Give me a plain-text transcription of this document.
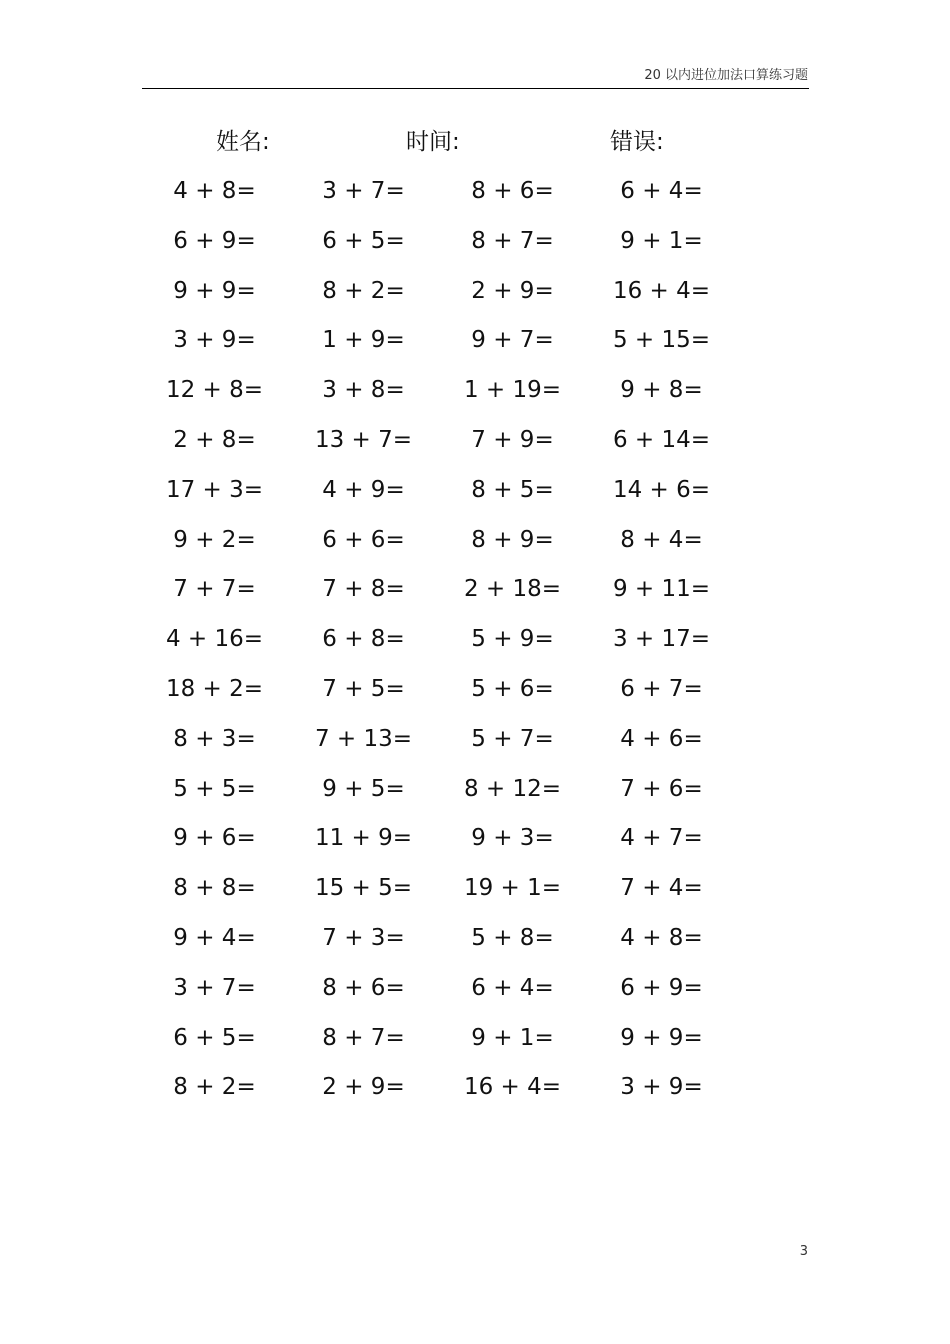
20 以内进位加法口算练习题
姓名:	时间:	错误:
4 + 8=	3 + 7=	8 + 6=	6 + 4=
6 + 9=	6 + 5=	8 + 7=	9 + 1=
9 + 9=	8 + 2=	2 + 9=	16 + 4=
3 + 9=	1 + 9=	9 + 7=	5 + 15=
12 + 8=	3 + 8=	1 + 19=	9 + 8=
2 + 8=	13 + 7=	7 + 9=	6 + 14=
17 + 3=	4 + 9=	8 + 5=	14 + 6=
9 + 2=	6 + 6=	8 + 9=	8 + 4=
7 + 7=	7 + 8=	2 + 18=	9 + 11=
4 + 16=	6 + 8=	5 + 9=	3 + 17=
18 + 2=	7 + 5=	5 + 6=	6 + 7=
8 + 3=	7 + 13=	5 + 7=	4 + 6=
5 + 5=	9 + 5=	8 + 12=	7 + 6=
9 + 6=	11 + 9=	9 + 3=	4 + 7=
8 + 8=	15 + 5=	19 + 1=	7 + 4=
9 + 4=	7 + 3=	5 + 8=	4 + 8=
3 + 7=	8 + 6=	6 + 4=	6 + 9=
6 + 5=	8 + 7=	9 + 1=	9 + 9=
8 + 2=	2 + 9=	16 + 4=	3 + 9=
3
